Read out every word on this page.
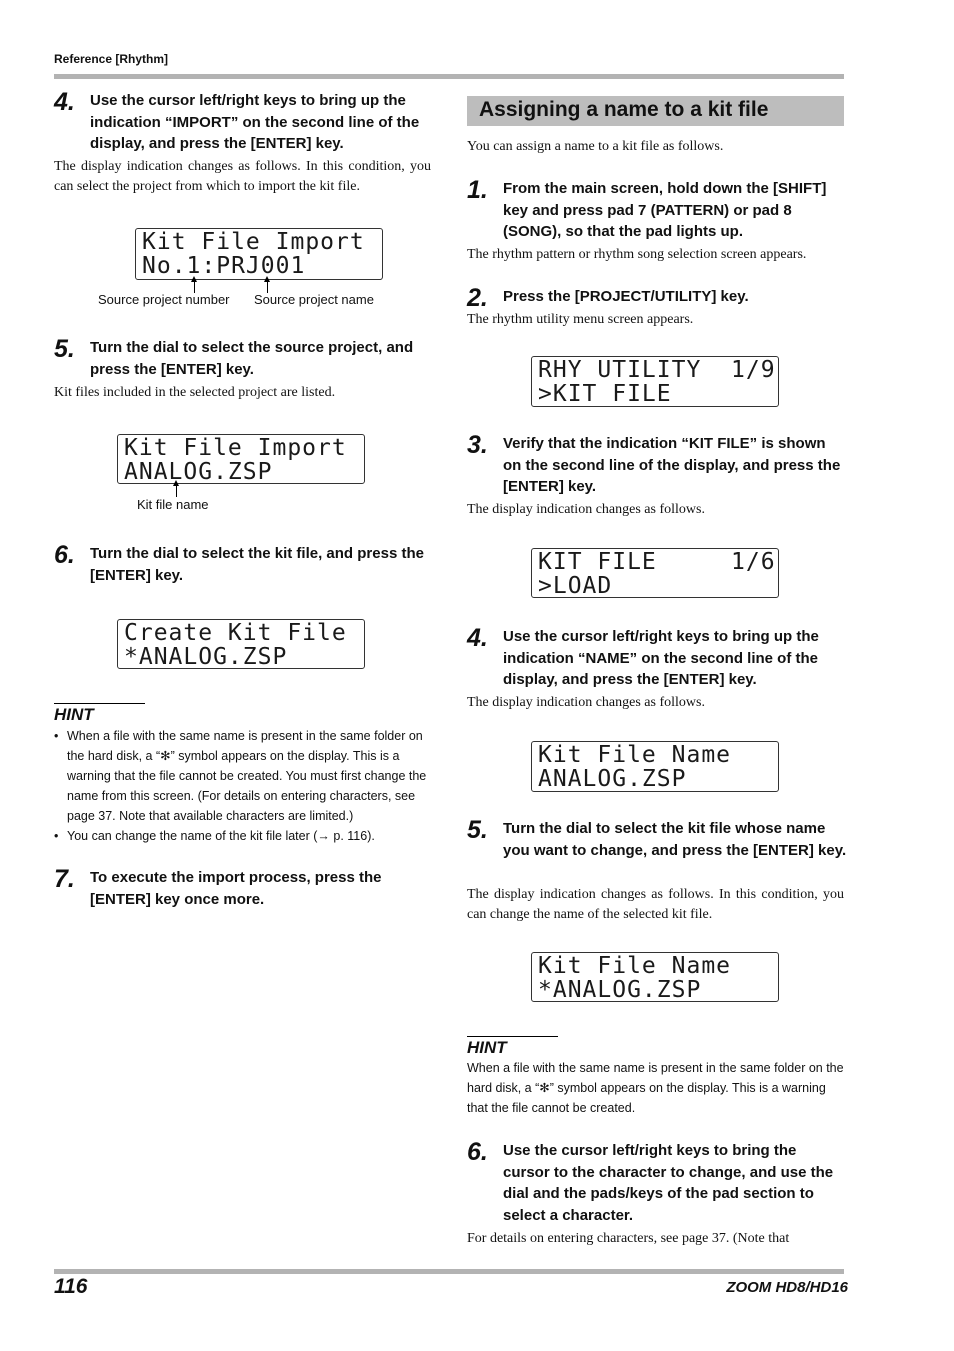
Reference [Rhythm]
4.	Use the cursor left/right keys to bring up the indication “IMPORT” on the second line of the display, and press the [ENTER] key.
The display indication changes as follows. In this condition, you can select the project from which to import the kit file.
Kit File Import
No.1:PRJ001
Source project number Source project name
5.	Turn the dial to select the source project, and press the [ENTER] key.
Kit files included in the selected project are listed.
Kit File Import
ANALOG.ZSP
Kit file name
6.	Turn the dial to select the kit file, and press the [ENTER] key.
Create Kit File
*ANALOG.ZSP
HINT
• When a file with the same name is present in the same folder on the hard disk, a “✻” symbol appears on the display. This is a warning that the file cannot be created. You must first change the name from this screen. (For details on entering characters, see page 37. Note that available characters are limited.)
• You can change the name of the kit file later (→ p. 116).
7.	To execute the import process, press the [ENTER] key once more.
Assigning a name to a kit file
You can assign a name to a kit file as follows.
1.	From the main screen, hold down the [SHIFT] key and press pad 7 (PATTERN) or pad 8 (SONG), so that the pad lights up.
The rhythm pattern or rhythm song selection screen appears.
2.	Press the [PROJECT/UTILITY] key.
The rhythm utility menu screen appears.
RHY UTILITY  1/9
>KIT FILE
3.	Verify that the indication “KIT FILE” is shown on the second line of the display, and press the [ENTER] key.
The display indication changes as follows.
KIT FILE     1/6
>LOAD
4.	Use the cursor left/right keys to bring up the indication “NAME” on the second line of the display, and press the [ENTER] key.
The display indication changes as follows.
Kit File Name
ANALOG.ZSP
5.	Turn the dial to select the kit file whose name you want to change, and press the [ENTER] key.
The display indication changes as follows. In this condition, you can change the name of the selected kit file.
Kit File Name
*ANALOG.ZSP
HINT
When a file with the same name is present in the same folder on the hard disk, a “✻” symbol appears on the display. This is a warning that the file cannot be created.
6.	Use the cursor left/right keys to bring the cursor to the character to change, and use the dial and the pads/keys of the pad section to select a character.
For details on entering characters, see page 37. (Note that
116	ZOOM HD8/HD16
